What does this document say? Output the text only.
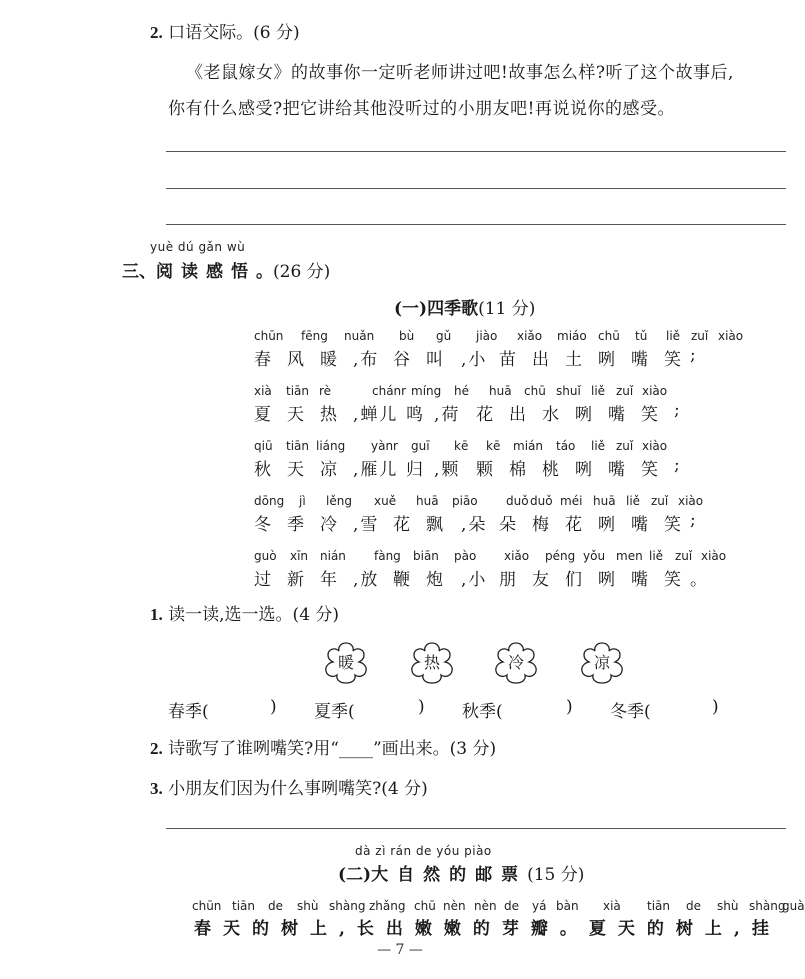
2. 口语交际。(6 分)
《老鼠嫁女》的故事你一定听老师讲过吧!故事怎么样?听了这个故事后,
你有什么感受?把它讲给其他没听过的小朋友吧!再说说你的感受。
yuè dú gǎn wù
三、阅读感悟。(26 分)
(一)四季歌(11 分)
chūn fēng nuǎn bù gǔ jiào xiǎo miáo chū tǔ liě zuǐ xiào
春 风 暖 ,布 谷 叫 ,小 苗 出 土 咧 嘴 笑 ;
xià tiān rè	chánr míng hé huā chū shuǐ liě zuǐ xiào
夏 天 热 ,蝉儿 鸣 ,荷 花 出 水 咧 嘴 笑 ;
qiū tiān liáng yànr guī kē kē mián táo liě zuǐ xiào
秋 天 凉 ,雁儿 归 ,颗 颗 棉 桃 咧 嘴 笑 ;
dōng jì lěng xuě huā piāo duǒ duǒ méi huā liě zuǐ xiào
冬 季 冷 ,雪 花 飘 ,朵 朵 梅 花 咧 嘴 笑 ;
guò xīn nián fàng biān pào xiǎo péng yǒu men liě zuǐ xiào
过 新 年 ,放 鞭 炮 ,小 朋 友 们 咧 嘴 笑 。
1. 读一读,选一选。(4 分)
暖	热	冷	凉
春季(	) 夏季(	) 秋季(	) 冬季(	)
2. 诗歌写了谁咧嘴笑?用“____”画出来。(3 分)
3. 小朋友们因为什么事咧嘴笑?(4 分)
dà zì rán de yóu piào
(二)大自然的邮票(15 分)
chūn tiān de shù shàng zhǎng chū nèn nèn de yá bàn xià tiān de shù shàng
guà
春天的树上,长出嫩嫩的芽瓣。夏天的树上,挂
— 7 —
